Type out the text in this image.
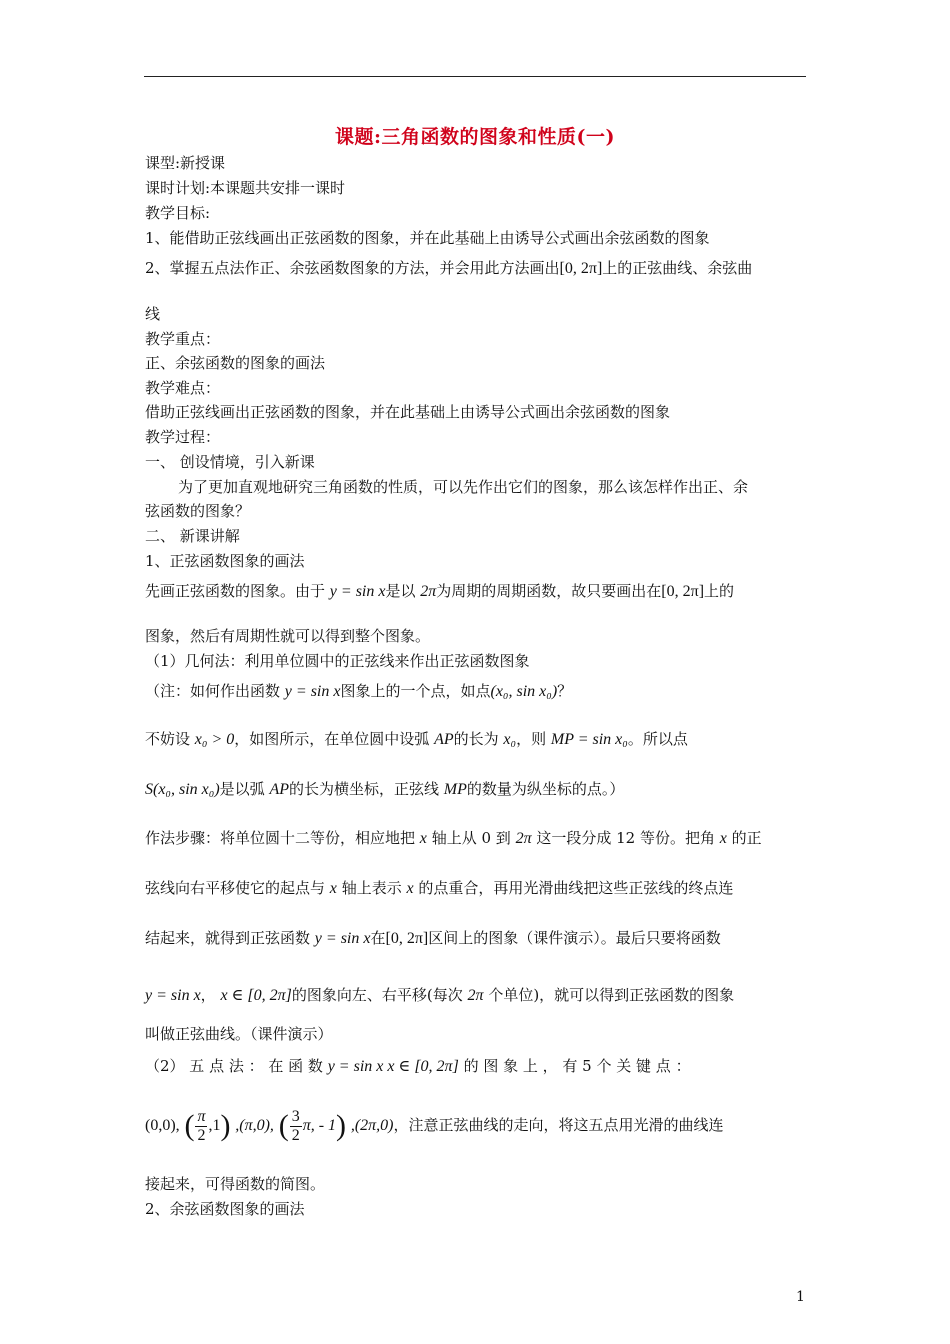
课题:三角函数的图象和性质(一)
课型:新授课
课时计划:本课题共安排一课时
教学目标:
1、能借助正弦线画出正弦函数的图象，并在此基础上由诱导公式画出余弦函数的图象
2、掌握五点法作正、余弦函数图象的方法，并会用此方法画出[0, 2π]上的正弦曲线、余弦曲
线
教学重点：
正、余弦函数的图象的画法
教学难点：
借助正弦线画出正弦函数的图象，并在此基础上由诱导公式画出余弦函数的图象
教学过程：
一、 创设情境，引入新课
为了更加直观地研究三角函数的性质，可以先作出它们的图象，那么该怎样作出正、余
弦函数的图象？
二、 新课讲解
1、正弦函数图象的画法
先画正弦函数的图象。由于 y = sin x是以 2π为周期的周期函数，故只要画出在[0, 2π]上的
图象，然后有周期性就可以得到整个图象。
（1）几何法：利用单位圆中的正弦线来作出正弦函数图象
（注：如何作出函数 y = sin x图象上的一个点，如点(x₀, sin x₀)？
不妨设 x₀ > 0，如图所示，在单位圆中设弧 AP的长为 x₀，则 MP = sin x₀。所以点
S(x₀, sin x₀)是以弧 AP的长为横坐标，正弦线 MP的数量为纵坐标的点。）
作法步骤：将单位圆十二等份，相应地把 x 轴上从 0 到 2π 这一段分成 12 等份。把角 x 的正
弦线向右平移使它的起点与 x 轴上表示 x 的点重合，再用光滑曲线把这些正弦线的终点连
结起来，就得到正弦函数 y = sin x在[0, 2π]区间上的图象（课件演示）。最后只要将函数
y = sin x， x ∈ [0, 2π]的图象向左、右平移(每次 2π 个单位)，就可以得到正弦函数的图象
叫做正弦曲线。（课件演示）
（2） 五 点 法 ： 在 函 数 y = sin x x ∈ [0, 2π] 的 图 象 上 ， 有 5 个 关 键 点 ：
(0,0), ( $\frac{\pi}{2} ,1$) ,(π,0), ( $\frac{3}{2} \pi$, - 1) ,(2π,0)，注意正弦曲线的走向，将这五点用光滑的曲线连
接起来，可得函数的简图。
2、余弦函数图象的画法
1
